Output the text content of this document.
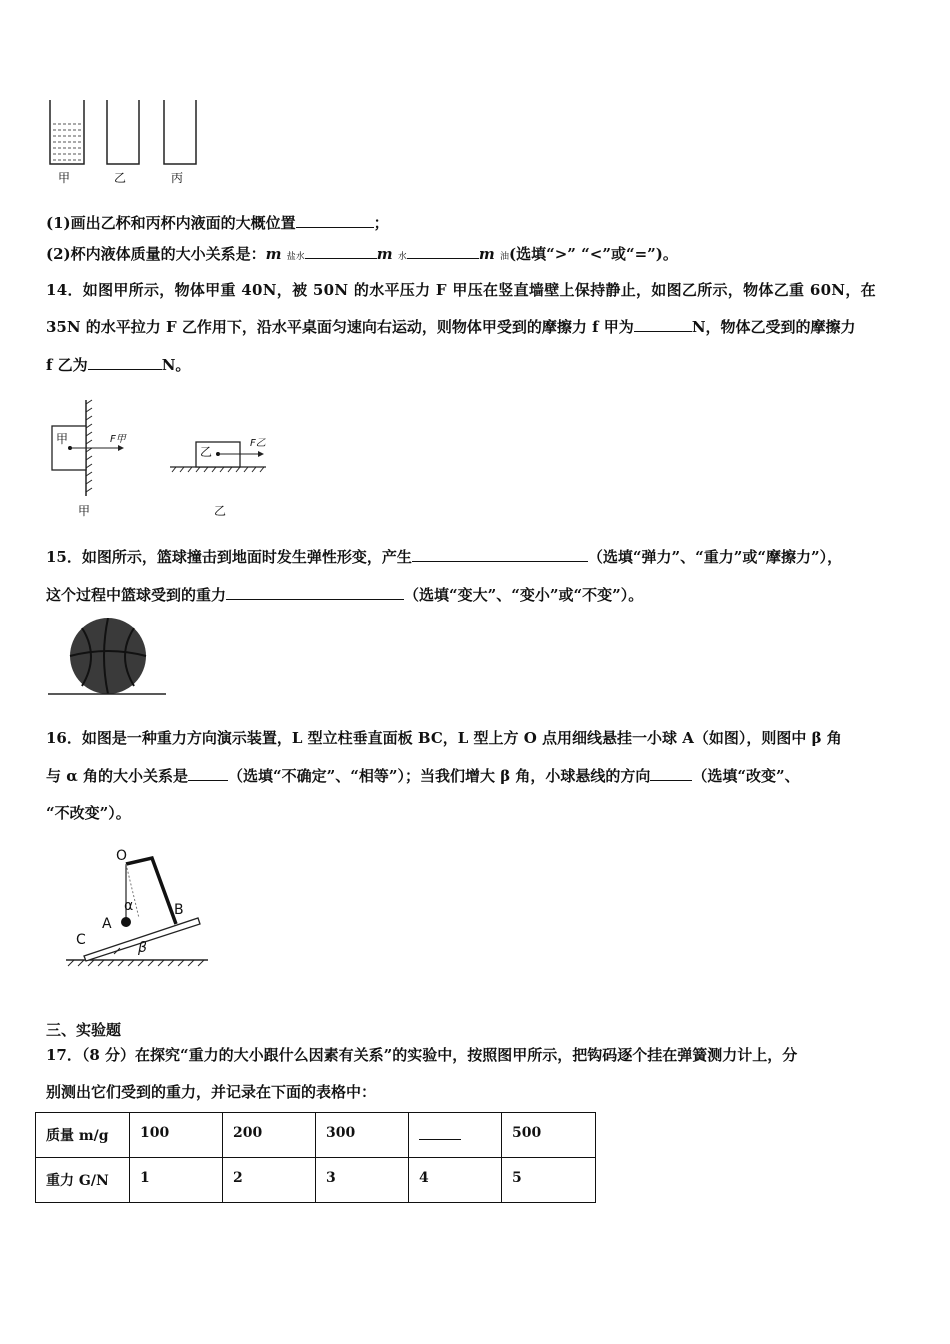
甲	乙	丙
(1)画出乙杯和丙杯内液面的大概位置	；
(2)杯内液体质量的大小关系是：m 盐水	m 水	m 油(选填“>” “<”或“=”)。
14．如图甲所示，物体甲重 40N，被 50N 的水平压力 F 甲压在竖直墙壁上保持静止，如图乙所示，物体乙重 60N，在
35N 的水平拉力 F 乙作用下，沿水平桌面匀速向右运动，则物体甲受到的摩擦力 f 甲为	N，物体乙受到的摩擦力
f 乙为	N。
甲	F甲
乙
F乙
甲	乙
15．如图所示，篮球撞击到地面时发生弹性形变，产生	（选填“弹力”、“重力”或“摩擦力”），
这个过程中篮球受到的重力	（选填“变大”、“变小”或“不变”）。
16．如图是一种重力方向演示装置，L 型立柱垂直面板 BC，L 型上方 O 点用细线悬挂一小球 A（如图），则图中 β 角
与 α 角的大小关系是	（选填“不确定”、“相等”）；当我们增大 β 角，小球悬线的方向	（选填“改变”、
“不改变”）。
O
A
B
C
α
β
三、实验题
17．（8 分）在探究“重力的大小跟什么因素有关系”的实验中，按照图甲所示，把钩码逐个挂在弹簧测力计上，分
别测出它们受到的重力，并记录在下面的表格中：
质量 m/g	100	200	300		500
重力 G/N	1	2	3	4	5
